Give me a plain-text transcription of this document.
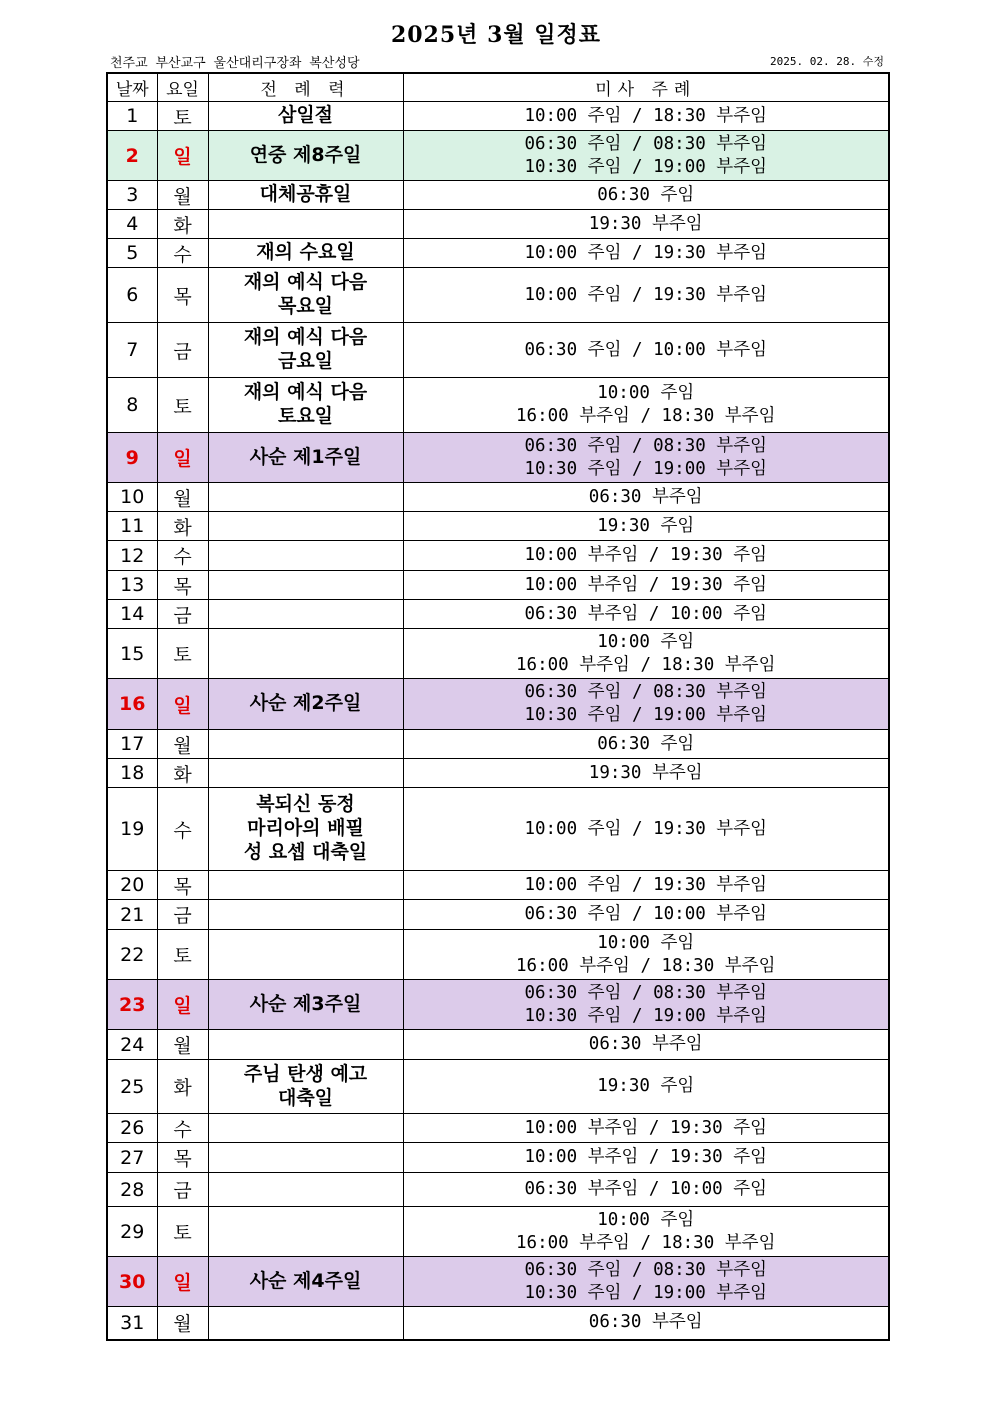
2025년 3월 일정표
천주교 부산교구 울산대리구장좌 복산성당	2025. 02. 28. 수정
날짜	요일	전 례 력	미사 주례
1	토	삼일절	10:00 주임 / 18:30 부주임
2	일	연중 제8주일	06:30 주임 / 08:30 부주임
10:30 주임 / 19:00 부주임
3	월	대체공휴일	06:30 주임
4	화		19:30 부주임
5	수	재의 수요일	10:00 주임 / 19:30 부주임
6	목	재의 예식 다음
목요일	10:00 주임 / 19:30 부주임
7	금	재의 예식 다음
금요일	06:30 주임 / 10:00 부주임
8	토	재의 예식 다음
토요일	10:00 주임
16:00 부주임 / 18:30 부주임
9	일	사순 제1주일	06:30 주임 / 08:30 부주임
10:30 주임 / 19:00 부주임
10	월		06:30 부주임
11	화		19:30 주임
12	수		10:00 부주임 / 19:30 주임
13	목		10:00 부주임 / 19:30 주임
14	금		06:30 부주임 / 10:00 주임
15	토		10:00 주임
16:00 부주임 / 18:30 부주임
16	일	사순 제2주일	06:30 주임 / 08:30 부주임
10:30 주임 / 19:00 부주임
17	월		06:30 주임
18	화		19:30 부주임
19	수	복되신 동정
마리아의 배필
성 요셉 대축일	10:00 주임 / 19:30 부주임
20	목		10:00 주임 / 19:30 부주임
21	금		06:30 주임 / 10:00 부주임
22	토		10:00 주임
16:00 부주임 / 18:30 부주임
23	일	사순 제3주일	06:30 주임 / 08:30 부주임
10:30 주임 / 19:00 부주임
24	월		06:30 부주임
25	화	주님 탄생 예고
대축일	19:30 주임
26	수		10:00 부주임 / 19:30 주임
27	목		10:00 부주임 / 19:30 주임
28	금		06:30 부주임 / 10:00 주임
29	토		10:00 주임
16:00 부주임 / 18:30 부주임
30	일	사순 제4주일	06:30 주임 / 08:30 부주임
10:30 주임 / 19:00 부주임
31	월		06:30 부주임
